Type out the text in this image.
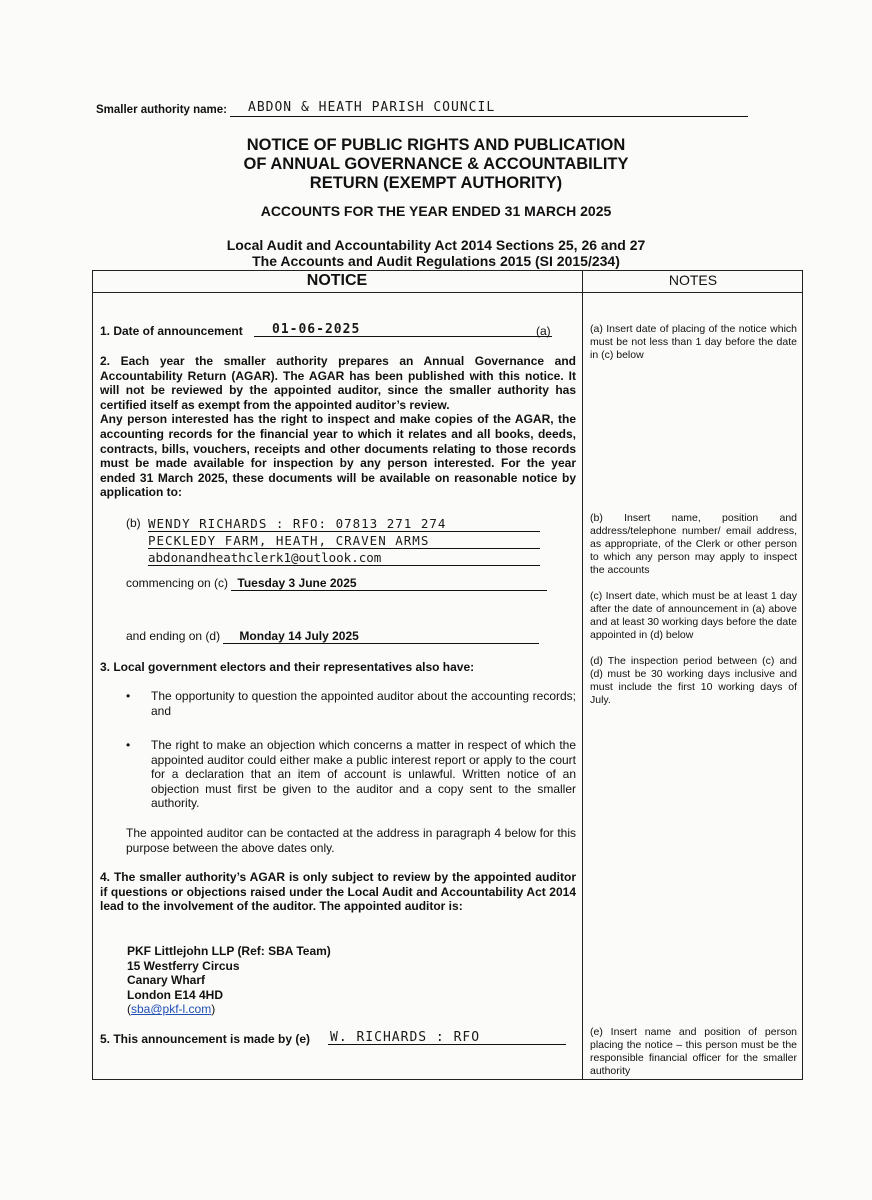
Smaller authority name:	ABDON & HEATH PARISH COUNCIL
NOTICE OF PUBLIC RIGHTS AND PUBLICATION
OF ANNUAL GOVERNANCE & ACCOUNTABILITY
RETURN (EXEMPT AUTHORITY)
ACCOUNTS FOR THE YEAR ENDED 31 MARCH 2025
Local Audit and Accountability Act 2014 Sections 25, 26 and 27
The Accounts and Audit Regulations 2015 (SI 2015/234)
NOTICE	NOTES
1. Date of announcement	01-06-2025	(a)

2. Each year the smaller authority prepares an Annual Governance and Accountability Return (AGAR). The AGAR has been published with this notice. It will not be reviewed by the appointed auditor, since the smaller authority has certified itself as exempt from the appointed auditor’s review.

Any person interested has the right to inspect and make copies of the AGAR, the accounting records for the financial year to which it relates and all books, deeds, contracts, bills, vouchers, receipts and other documents relating to those records must be made available for inspection by any person interested. For the year ended 31 March 2025, these documents will be available on reasonable notice by application to:

(b) WENDY RICHARDS : RFO: 07813 271 274
PECKLEDY FARM, HEATH, CRAVEN ARMS
abdonandheathclerk1@outlook.com
commencing on (c) Tuesday 3 June 2025
and ending on (d) Monday 14 July 2025
3. Local government electors and their representatives also have:
• The opportunity to question the appointed auditor about the accounting records; and
• The right to make an objection which concerns a matter in respect of which the appointed auditor could either make a public interest report or apply to the court for a declaration that an item of account is unlawful. Written notice of an objection must first be given to the auditor and a copy sent to the smaller authority.
The appointed auditor can be contacted at the address in paragraph 4 below for this purpose between the above dates only.
4. The smaller authority’s AGAR is only subject to review by the appointed auditor if questions or objections raised under the Local Audit and Accountability Act 2014 lead to the involvement of the auditor. The appointed auditor is:
PKF Littlejohn LLP (Ref: SBA Team)
15 Westferry Circus
Canary Wharf
London E14 4HD
(sba@pkf-l.com)
5. This announcement is made by (e) W. RICHARDS : RFO
(a) Insert date of placing of the notice which must be not less than 1 day before the date in (c) below
(b) Insert name, position and address/telephone number/ email address, as appropriate, of the Clerk or other person to which any person may apply to inspect the accounts
(c) Insert date, which must be at least 1 day after the date of announcement in (a) above and at least 30 working days before the date appointed in (d) below
(d) The inspection period between (c) and (d) must be 30 working days inclusive and must include the first 10 working days of July.
(e) Insert name and position of person placing the notice – this person must be the responsible financial officer for the smaller authority
